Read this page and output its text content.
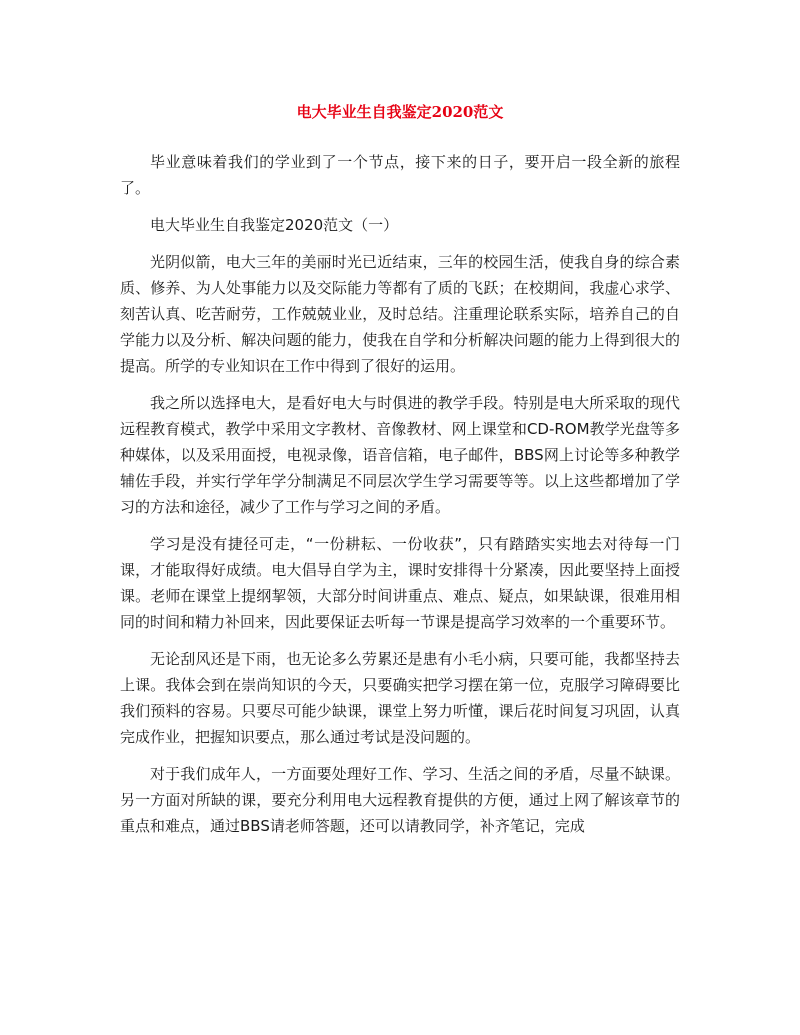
电大毕业生自我鉴定2020范文

毕业意味着我们的学业到了一个节点，接下来的日子，要开启一段全新的旅程了。

电大毕业生自我鉴定2020范文（一）

光阴似箭，电大三年的美丽时光已近结束，三年的校园生活，使我自身的综合素质、修养、为人处事能力以及交际能力等都有了质的飞跃；在校期间，我虚心求学、刻苦认真、吃苦耐劳，工作兢兢业业，及时总结。注重理论联系实际，培养自己的自学能力以及分析、解决问题的能力，使我在自学和分析解决问题的能力上得到很大的提高。所学的专业知识在工作中得到了很好的运用。

我之所以选择电大，是看好电大与时俱进的教学手段。特别是电大所采取的现代远程教育模式，教学中采用文字教材、音像教材、网上课堂和CD-ROM教学光盘等多种媒体，以及采用面授，电视录像，语音信箱，电子邮件，BBS网上讨论等多种教学辅佐手段，并实行学年学分制满足不同层次学生学习需要等等。以上这些都增加了学习的方法和途径，减少了工作与学习之间的矛盾。

学习是没有捷径可走，“一份耕耘、一份收获”，只有踏踏实实地去对待每一门课，才能取得好成绩。电大倡导自学为主，课时安排得十分紧凑，因此要坚持上面授课。老师在课堂上提纲挈领，大部分时间讲重点、难点、疑点，如果缺课，很难用相同的时间和精力补回来，因此要保证去听每一节课是提高学习效率的一个重要环节。

无论刮风还是下雨，也无论多么劳累还是患有小毛小病，只要可能，我都坚持去上课。我体会到在崇尚知识的今天，只要确实把学习摆在第一位，克服学习障碍要比我们预料的容易。只要尽可能少缺课，课堂上努力听懂，课后花时间复习巩固，认真完成作业，把握知识要点，那么通过考试是没问题的。

对于我们成年人，一方面要处理好工作、学习、生活之间的矛盾，尽量不缺课。另一方面对所缺的课，要充分利用电大远程教育提供的方便，通过上网了解该章节的重点和难点，通过BBS请老师答题，还可以请教同学，补齐笔记，完成
